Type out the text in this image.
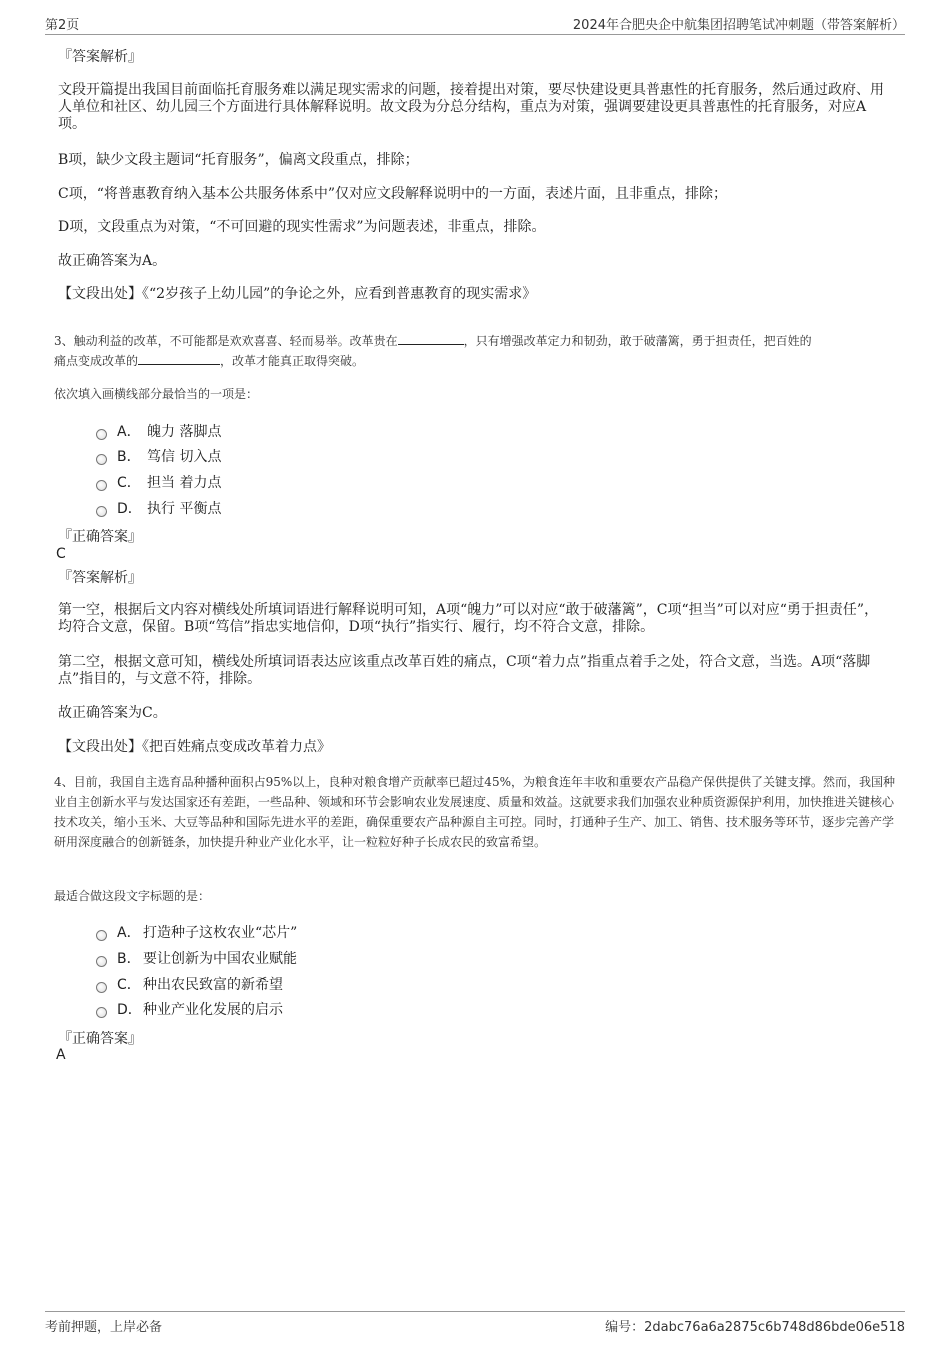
第2页	2024年合肥央企中航集团招聘笔试冲刺题（带答案解析）
『答案解析』
文段开篇提出我国目前面临托育服务难以满足现实需求的问题，接着提出对策，要尽快建设更具普惠性的托育服务，然后通过政府、用人单位和社区、幼儿园三个方面进行具体解释说明。故文段为分总分结构，重点为对策，强调要建设更具普惠性的托育服务，对应A项。
B项，缺少文段主题词“托育服务”，偏离文段重点，排除；
C项，“将普惠教育纳入基本公共服务体系中”仅对应文段解释说明中的一方面，表述片面，且非重点，排除；
D项，文段重点为对策，“不可回避的现实性需求”为问题表述，非重点，排除。
故正确答案为A。
【文段出处】《“2岁孩子上幼儿园”的争论之外，应看到普惠教育的现实需求》
3、触动利益的改革，不可能都是欢欢喜喜、轻而易举。改革贵在	，只有增强改革定力和韧劲，敢于破藩篱，勇于担责任，把百姓的
痛点变成改革的	，改革才能真正取得突破。
依次填入画横线部分最恰当的一项是：
A． 魄力 落脚点
B． 笃信 切入点
C． 担当 着力点
D． 执行 平衡点
『正确答案』
C
『答案解析』
第一空，根据后文内容对横线处所填词语进行解释说明可知，A项“魄力”可以对应“敢于破藩篱”，C项“担当”可以对应“勇于担责任”，均符合文意，保留。B项“笃信”指忠实地信仰，D项“执行”指实行、履行，均不符合文意，排除。
第二空，根据文意可知，横线处所填词语表达应该重点改革百姓的痛点，C项“着力点”指重点着手之处，符合文意，当选。A项“落脚点”指目的，与文意不符，排除。
故正确答案为C。
【文段出处】《把百姓痛点变成改革着力点》
4、目前，我国自主选育品种播种面积占95%以上，良种对粮食增产贡献率已超过45%，为粮食连年丰收和重要农产品稳产保供提供了关键支撑。然而，我国种业自主创新水平与发达国家还有差距，一些品种、领域和环节会影响农业发展速度、质量和效益。这就要求我们加强农业种质资源保护利用，加快推进关键核心技术攻关，缩小玉米、大豆等品种和国际先进水平的差距，确保重要农产品种源自主可控。同时，打通种子生产、加工、销售、技术服务等环节，逐步完善产学研用深度融合的创新链条，加快提升种业产业化水平，让一粒粒好种子长成农民的致富希望。
最适合做这段文字标题的是：
A． 打造种子这枚农业“芯片”
B． 要让创新为中国农业赋能
C． 种出农民致富的新希望
D． 种业产业化发展的启示
『正确答案』
A
考前押题，上岸必备	编号：2dabc76a6a2875c6b748d86bde06e518
